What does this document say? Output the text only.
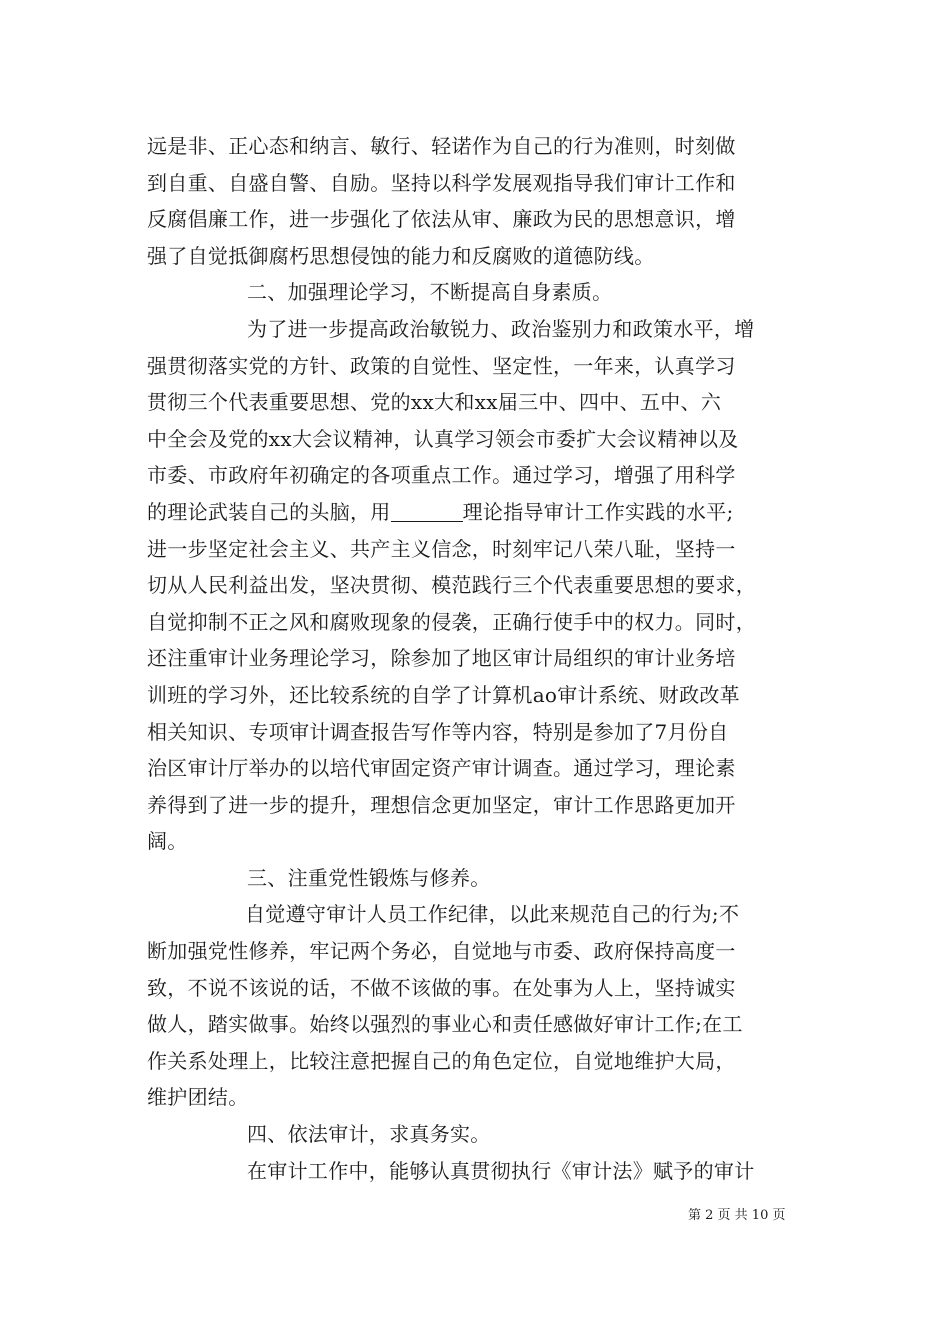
远是非、正心态和纳言、敏行、轻诺作为自己的行为准则，时刻做
到自重、自盛自警、自励。坚持以科学发展观指导我们审计工作和
反腐倡廉工作，进一步强化了依法从审、廉政为民的思想意识，增
强了自觉抵御腐朽思想侵蚀的能力和反腐败的道德防线。
二、加强理论学习，不断提高自身素质。
为了进一步提高政治敏锐力、政治鉴别力和政策水平，增
强贯彻落实党的方针、政策的自觉性、坚定性，一年来，认真学习
贯彻三个代表重要思想、党的xx大和xx届三中、四中、五中、六
中全会及党的xx大会议精神，认真学习领会市委扩大会议精神以及
市委、市政府年初确定的各项重点工作。通过学习，增强了用科学
的理论武装自己的头脑，用	理论指导审计工作实践的水平;
进一步坚定社会主义、共产主义信念，时刻牢记八荣八耻，坚持一
切从人民利益出发，坚决贯彻、模范践行三个代表重要思想的要求，
自觉抑制不正之风和腐败现象的侵袭，正确行使手中的权力。同时，
还注重审计业务理论学习，除参加了地区审计局组织的审计业务培
训班的学习外，还比较系统的自学了计算机ao审计系统、财政改革
相关知识、专项审计调查报告写作等内容，特别是参加了7月份自
治区审计厅举办的以培代审固定资产审计调查。通过学习，理论素
养得到了进一步的提升，理想信念更加坚定，审计工作思路更加开
阔。
三、注重党性锻炼与修养。
自觉遵守审计人员工作纪律，以此来规范自己的行为;不
断加强党性修养，牢记两个务必，自觉地与市委、政府保持高度一
致，不说不该说的话，不做不该做的事。在处事为人上，坚持诚实
做人，踏实做事。始终以强烈的事业心和责任感做好审计工作;在工
作关系处理上，比较注意把握自己的角色定位，自觉地维护大局，
维护团结。
四、依法审计，求真务实。
在审计工作中，能够认真贯彻执行《审计法》赋予的审计
第 2 页 共 10 页
